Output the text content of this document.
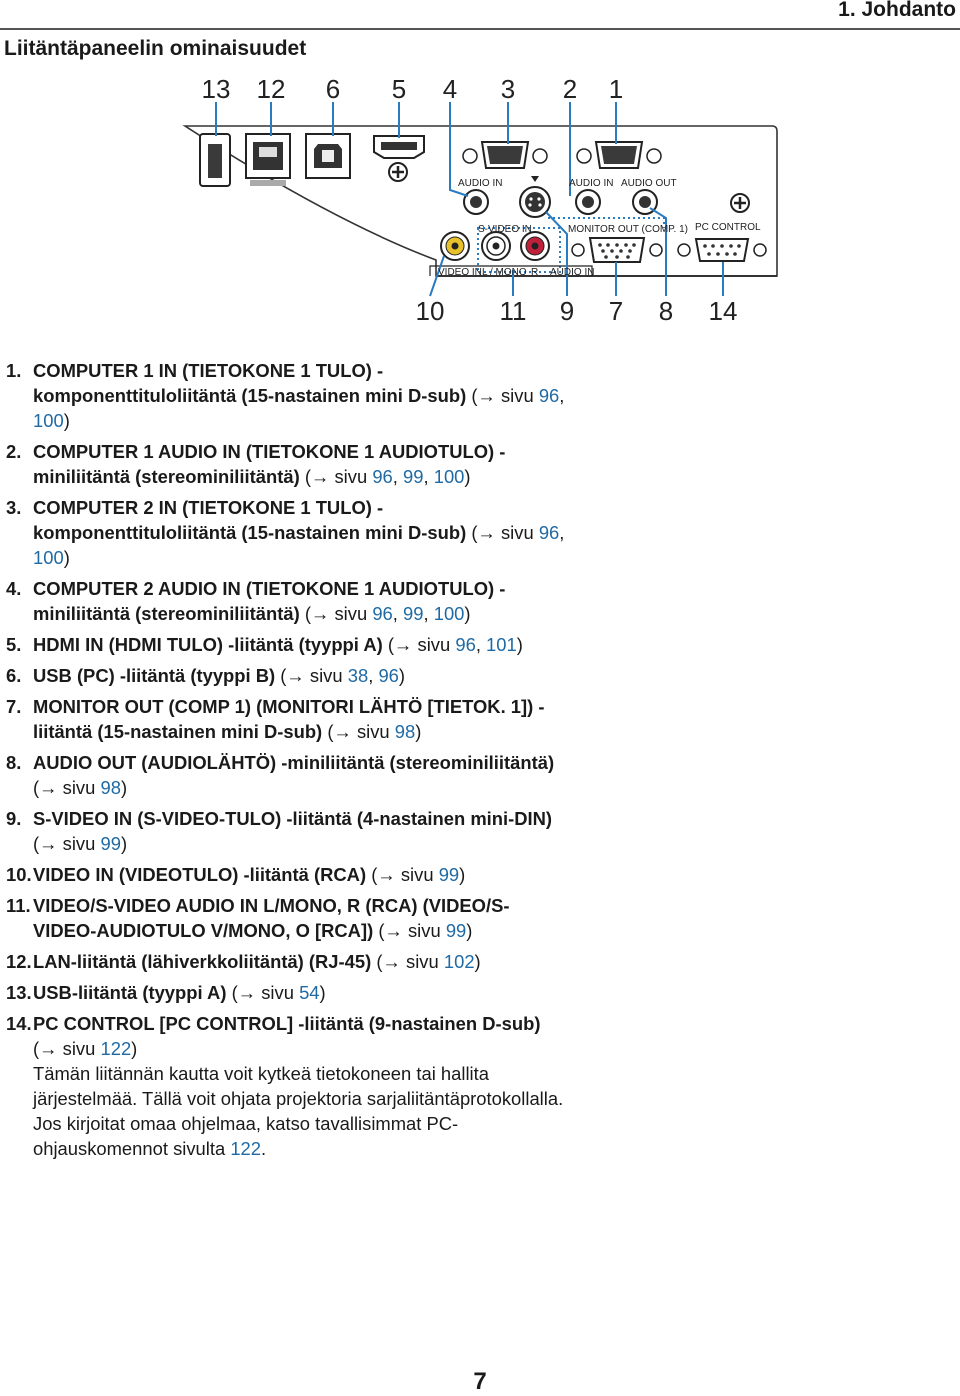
1. Johdanto
Liitäntäpaneelin ominaisuudet
13 12 6 5 4 3 2 1
10 11 9 7 8 14
AUDIO IN	AUDIO IN AUDIO OUT
S-VIDEO IN	MONITOR OUT (COMP. 1) PC CONTROL
VIDEO IN L / MONO R AUDIO IN
1. COMPUTER 1 IN (TIETOKONE 1 TULO) -komponenttituloliitäntä (15-nastainen mini D-sub) (→ sivu 96, 100)
2. COMPUTER 1 AUDIO IN (TIETOKONE 1 AUDIOTULO) -miniliitäntä (stereominiliitäntä) (→ sivu 96, 99, 100)
3. COMPUTER 2 IN (TIETOKONE 1 TULO) -komponenttituloliitäntä (15-nastainen mini D-sub) (→ sivu 96, 100)
4. COMPUTER 2 AUDIO IN (TIETOKONE 1 AUDIOTULO) -miniliitäntä (stereominiliitäntä) (→ sivu 96, 99, 100)
5. HDMI IN (HDMI TULO) -liitäntä (tyyppi A) (→ sivu 96, 101)
6. USB (PC) -liitäntä (tyyppi B) (→ sivu 38, 96)
7. MONITOR OUT (COMP 1) (MONITORI LÄHTÖ [TIETOK. 1]) -liitäntä (15-nastainen mini D-sub) (→ sivu 98)
8. AUDIO OUT (AUDIOLÄHTÖ) -miniliitäntä (stereominiliitäntä) (→ sivu 98)
9. S-VIDEO IN (S-VIDEO-TULO) -liitäntä (4-nastainen mini-DIN) (→ sivu 99)
10. VIDEO IN (VIDEOTULO) -liitäntä (RCA) (→ sivu 99)
11. VIDEO/S-VIDEO AUDIO IN L/MONO, R (RCA) (VIDEO/S-VIDEO-AUDIOTULO V/MONO, O [RCA]) (→ sivu 99)
12. LAN-liitäntä (lähiverkkoliitäntä) (RJ-45) (→ sivu 102)
13. USB-liitäntä (tyyppi A) (→ sivu 54)
14. PC CONTROL [PC CONTROL] -liitäntä (9-nastainen D-sub) (→ sivu 122)
Tämän liitännän kautta voit kytkeä tietokoneen tai hallita järjestelmää. Tällä voit ohjata projektoria sarjaliitäntäprotokollalla. Jos kirjoitat omaa ohjelmaa, katso tavallisimmat PC-ohjauskomennot sivulta 122.
7
